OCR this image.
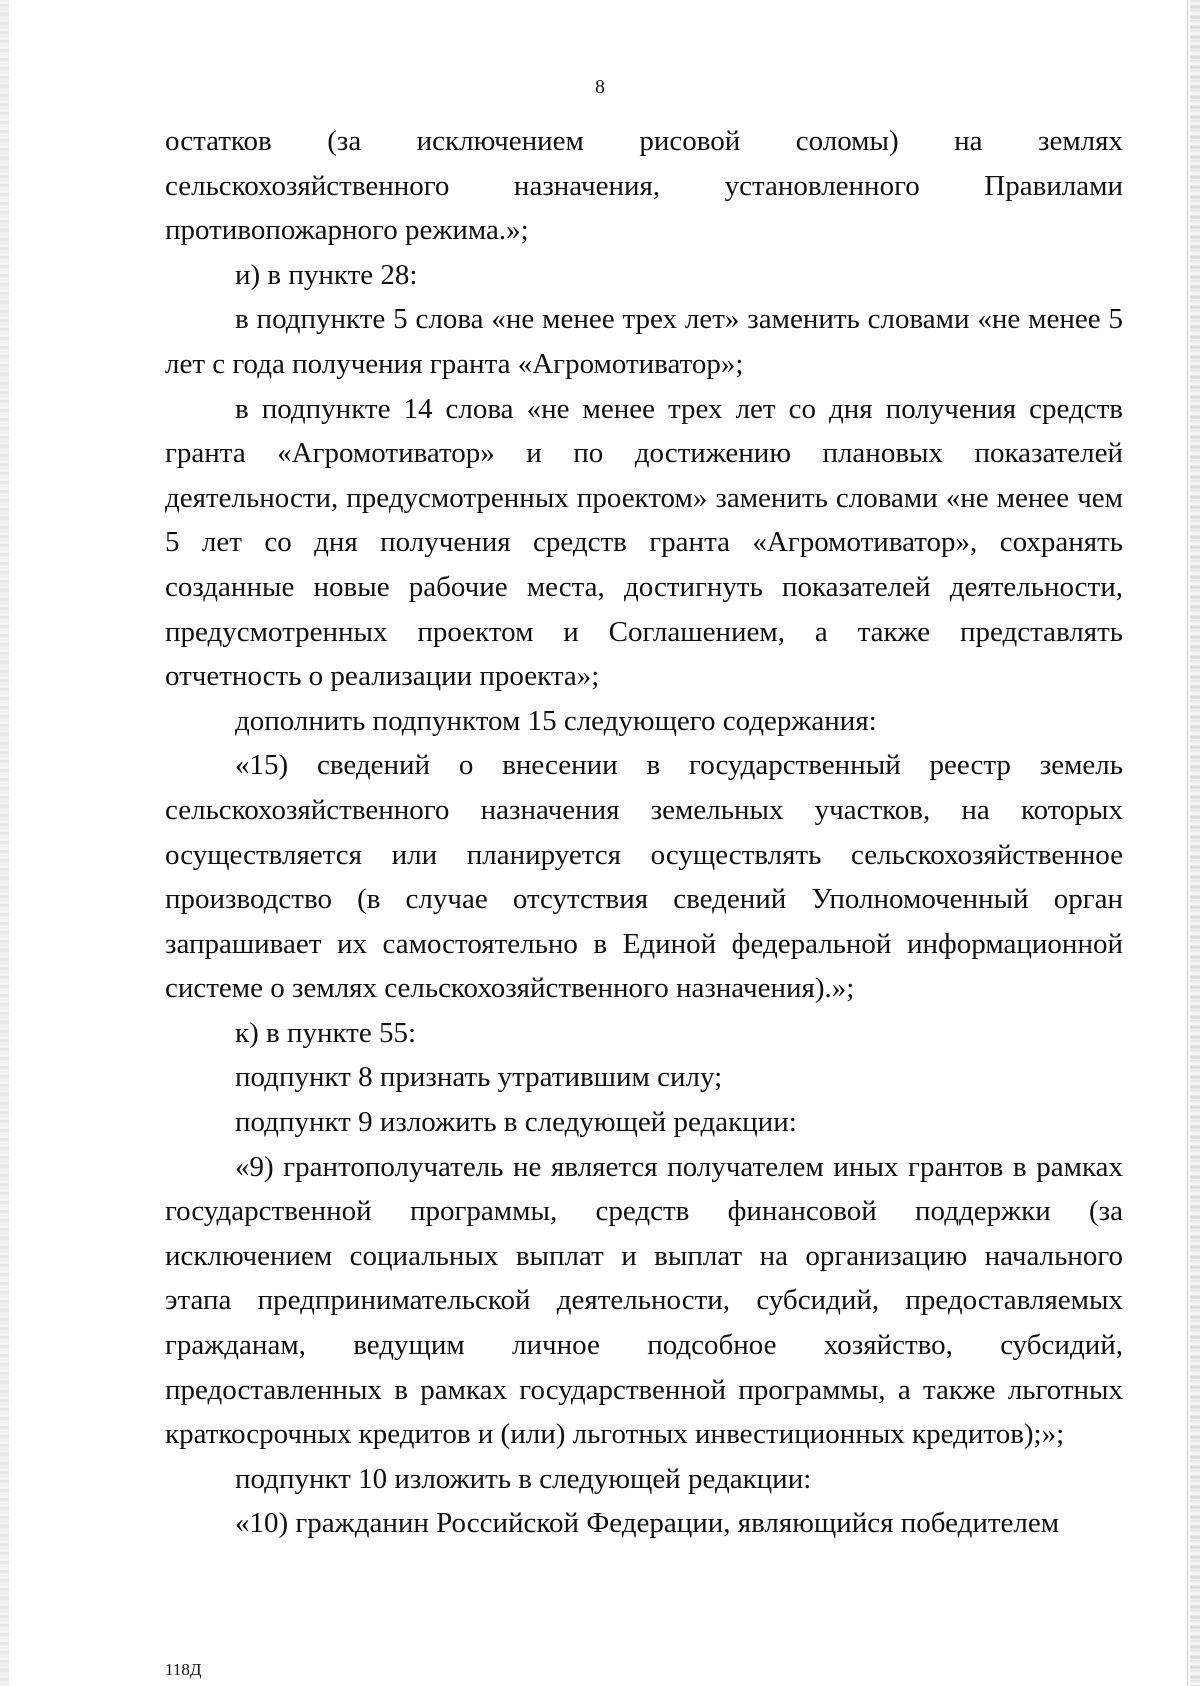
8

остатков (за исключением рисовой соломы) на землях сельскохозяйственного назначения, установленного Правилами противопожарного режима.»;

и) в пункте 28:

в подпункте 5 слова «не менее трех лет» заменить словами «не менее 5 лет с года получения гранта «Агромотиватор»;

в подпункте 14 слова «не менее трех лет со дня получения средств гранта «Агромотиватор» и по достижению плановых показателей деятельности, предусмотренных проектом» заменить словами «не менее чем 5 лет со дня получения средств гранта «Агромотиватор», сохранять созданные новые рабочие места, достигнуть показателей деятельности, предусмотренных проектом и Соглашением, а также представлять отчетность о реализации проекта»;

дополнить подпунктом 15 следующего содержания:

«15) сведений о внесении в государственный реестр земель сельскохозяйственного назначения земельных участков, на которых осуществляется или планируется осуществлять сельскохозяйственное производство (в случае отсутствия сведений Уполномоченный орган запрашивает их самостоятельно в Единой федеральной информационной системе о землях сельскохозяйственного назначения).»;

к) в пункте 55:

подпункт 8 признать утратившим силу;

подпункт 9 изложить в следующей редакции:

«9) грантополучатель не является получателем иных грантов в рамках государственной программы, средств финансовой поддержки (за исключением социальных выплат и выплат на организацию начального этапа предпринимательской деятельности, субсидий, предоставляемых гражданам, ведущим личное подсобное хозяйство, субсидий, предоставленных в рамках государственной программы, а также льготных краткосрочных кредитов и (или) льготных инвестиционных кредитов);»;

подпункт 10 изложить в следующей редакции:

«10) гражданин Российской Федерации, являющийся победителем

118Д
